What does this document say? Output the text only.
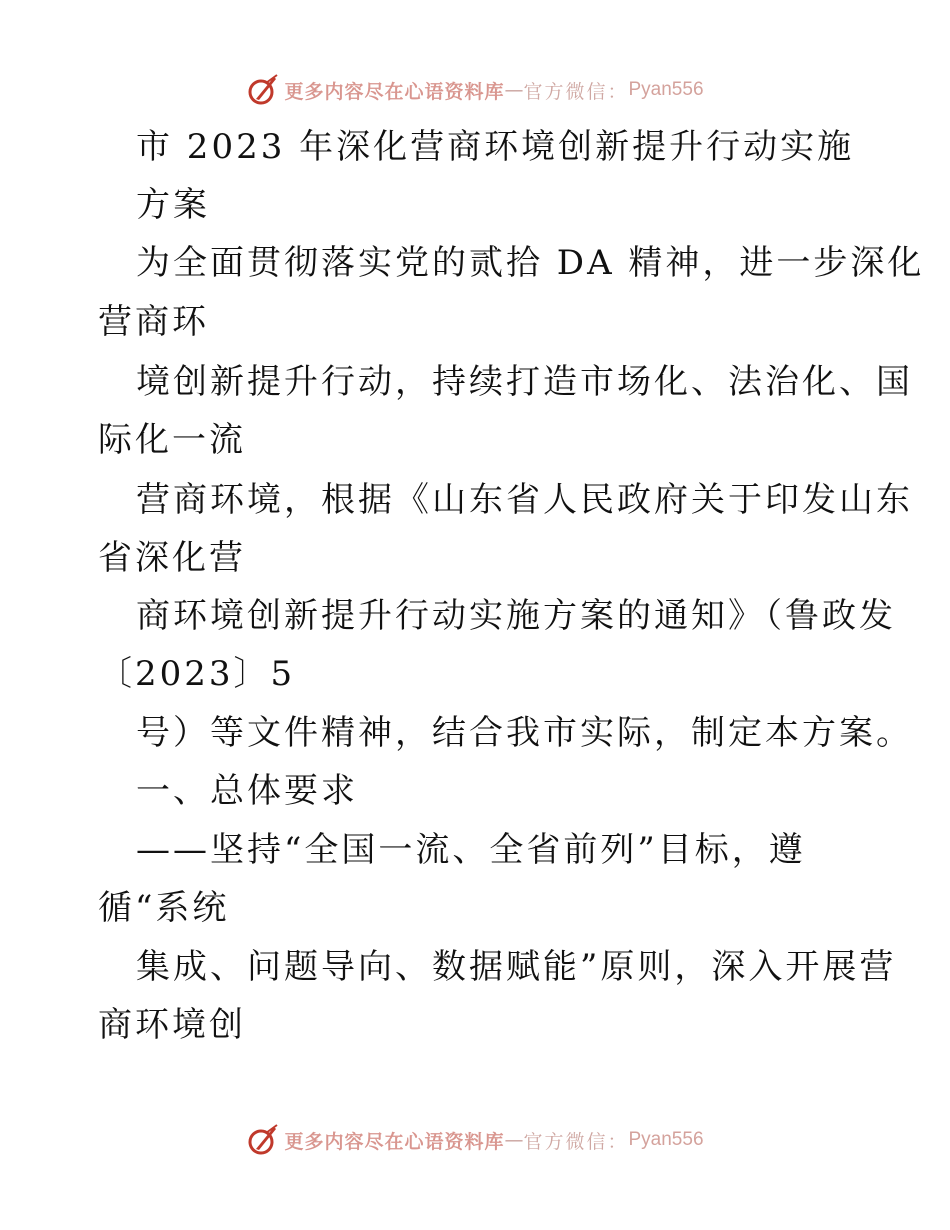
更多内容尽在心语资料库 — 官方微信： Pyan556
市 2023 年深化营商环境创新提升行动实施
方案
为全面贯彻落实党的贰拾 DA 精神，进一步深化
营商环
境创新提升行动，持续打造市场化、法治化、国
际化一流
营商环境，根据《山东省人民政府关于印发山东
省深化营
商环境创新提升行动实施方案的通知》（鲁政发
〔2023〕5
号）等文件精神，结合我市实际，制定本方案。
一、总体要求
——坚持“全国一流、全省前列”目标，遵
循“系统
集成、问题导向、数据赋能”原则，深入开展营
商环境创
更多内容尽在心语资料库 — 官方微信： Pyan556
